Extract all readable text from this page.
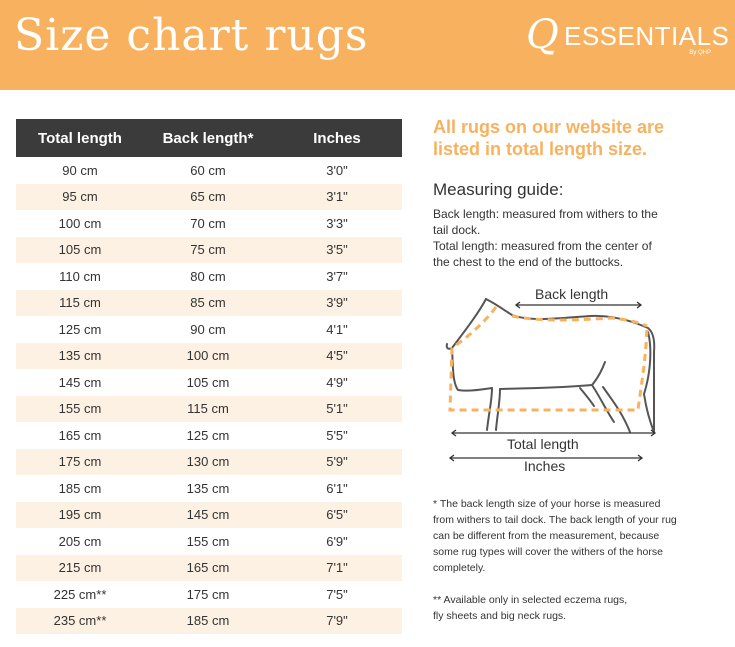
Size chart rugs	Q ESSENTIALS
By QHP
Total length	Back length*	Inches
90 cm	60 cm	3'0"
95 cm	65 cm	3'1"
100 cm	70 cm	3'3"
105 cm	75 cm	3'5"
110 cm	80 cm	3'7"
115 cm	85 cm	3'9"
125 cm	90 cm	4'1"
135 cm	100 cm	4'5"
145 cm	105 cm	4'9"
155 cm	115 cm	5'1"
165 cm	125 cm	5'5"
175 cm	130 cm	5'9"
185 cm	135 cm	6'1"
195 cm	145 cm	6'5"
205 cm	155 cm	6'9"
215 cm	165 cm	7'1"
225 cm**	175 cm	7'5"
235 cm**	185 cm	7'9"
All rugs on our website are
listed in total length size.
Measuring guide:
Back length: measured from withers to the
tail dock.
Total length: measured from the center of
the chest to the end of the buttocks.
Back length
Total length
Inches
* The back length size of your horse is measured
from withers to tail dock. The back length of your rug
can be different from the measurement, because
some rug types will cover the withers of the horse
completely.
** Available only in selected eczema rugs,
fly sheets and big neck rugs.
